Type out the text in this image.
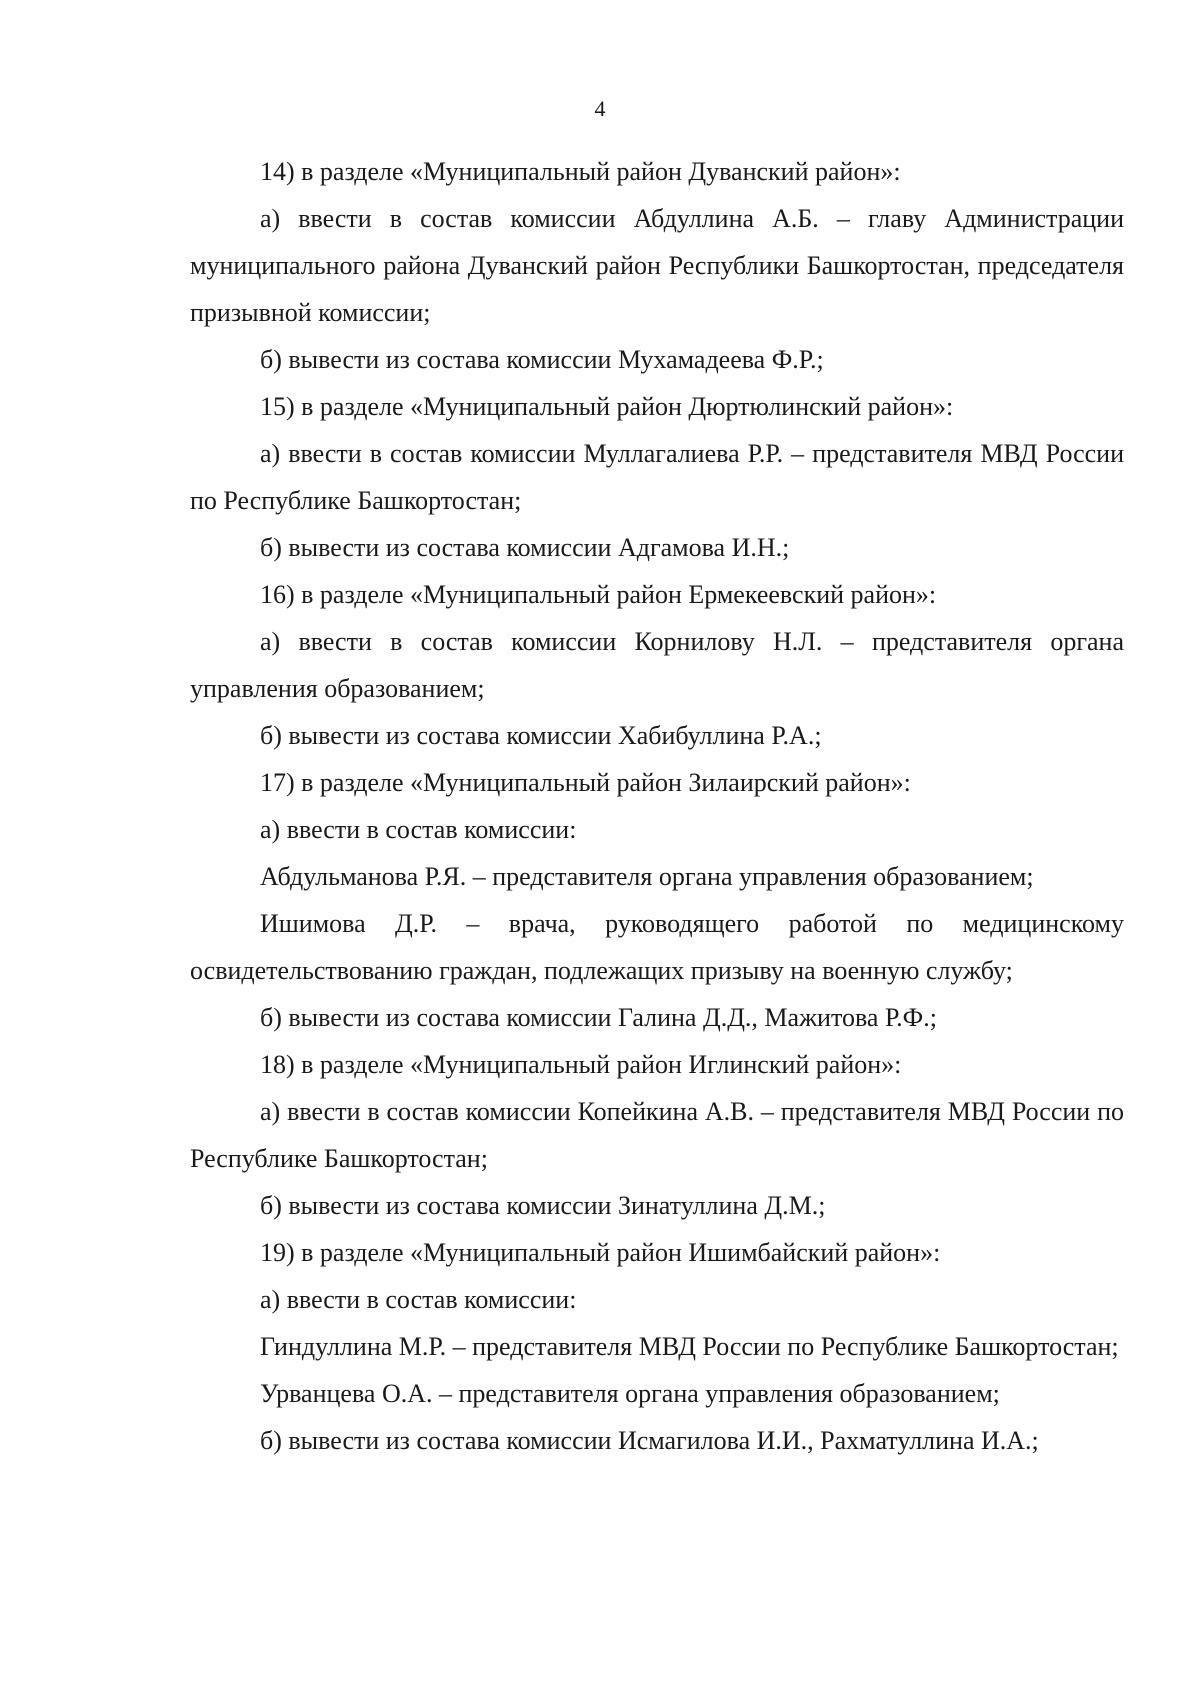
4

14) в разделе «Муниципальный район Дуванский район»:

а) ввести в состав комиссии Абдуллина А.Б. – главу Администрации муниципального района Дуванский район Республики Башкортостан, председателя призывной комиссии;

б) вывести из состава комиссии Мухамадеева Ф.Р.;

15) в разделе «Муниципальный район Дюртюлинский район»:

а) ввести в состав комиссии Муллагалиева Р.Р. – представителя МВД России по Республике Башкортостан;

б) вывести из состава комиссии Адгамова И.Н.;

16) в разделе «Муниципальный район Ермекеевский район»:

а) ввести в состав комиссии Корнилову Н.Л. – представителя органа управления образованием;

б) вывести из состава комиссии Хабибуллина Р.А.;

17) в разделе «Муниципальный район Зилаирский район»:

а) ввести в состав комиссии:

Абдульманова Р.Я. – представителя органа управления образованием;

Ишимова Д.Р. – врача, руководящего работой по медицинскому освидетельствованию граждан, подлежащих призыву на военную службу;

б) вывести из состава комиссии Галина Д.Д., Мажитова Р.Ф.;

18) в разделе «Муниципальный район Иглинский район»:

а) ввести в состав комиссии Копейкина А.В. – представителя МВД России по Республике Башкортостан;

б) вывести из состава комиссии Зинатуллина Д.М.;

19) в разделе «Муниципальный район Ишимбайский район»:

а) ввести в состав комиссии:

Гиндуллина М.Р. – представителя МВД России по Республике Башкортостан;

Урванцева О.А. – представителя органа управления образованием;

б) вывести из состава комиссии Исмагилова И.И., Рахматуллина И.А.;
